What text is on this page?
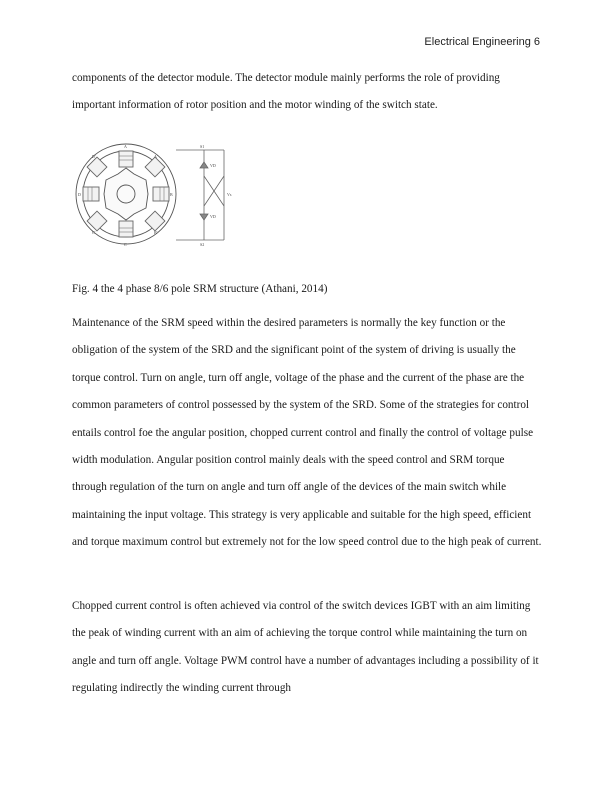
Electrical Engineering 6

components of the detector module. The detector module mainly performs the role of providing important information of rotor position and the motor winding of the switch state.

A
B
C
D
A'
B'
C'
D'
S1
VD
VD
S2
Vs

Fig. 4 the 4 phase 8/6 pole SRM structure (Athani, 2014)

Maintenance of the SRM speed within the desired parameters is normally the key function or the obligation of the system of the SRD and the significant point of the system of driving is usually the torque control. Turn on angle, turn off angle, voltage of the phase and the current of the phase are the common parameters of control possessed by the system of the SRD. Some of the strategies for control entails control foe the angular position, chopped current control and finally the control of voltage pulse width modulation. Angular position control mainly deals with the speed control and SRM torque through regulation of the turn on angle and turn off angle of the devices of the main switch while maintaining the input voltage. This strategy is very applicable and suitable for the high speed, efficient and torque maximum control but extremely not for the low speed control due to the high peak of current.

Chopped current control is often achieved via control of the switch devices IGBT with an aim limiting the peak of winding current with an aim of achieving the torque control while maintaining the turn on angle and turn off angle. Voltage PWM control have a number of advantages including a possibility of it regulating indirectly the winding current through
